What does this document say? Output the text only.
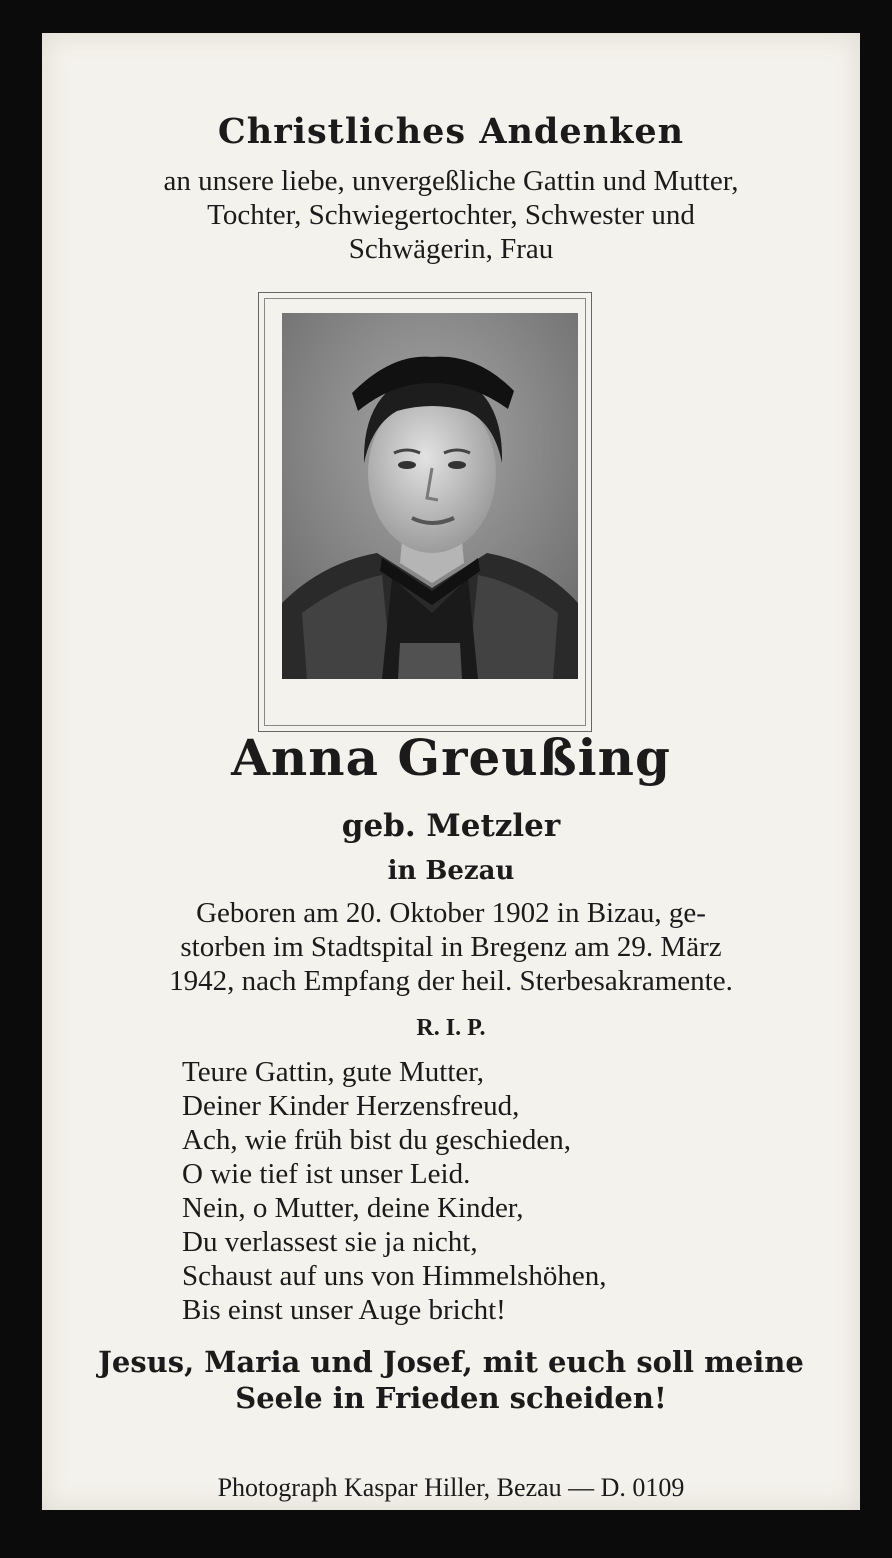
Christliches Andenken
an unsere liebe, unvergeßliche Gattin und Mutter,
Tochter, Schwiegertochter, Schwester und
Schwägerin, Frau
Anna Greußing
geb. Metzler
in Bezau
Geboren am 20. Oktober 1902 in Bizau, ge-
storben im Stadtspital in Bregenz am 29. März
1942, nach Empfang der heil. Sterbesakramente.
R. I. P.
Teure Gattin, gute Mutter,
Deiner Kinder Herzensfreud,
Ach, wie früh bist du geschieden,
O wie tief ist unser Leid.
Nein, o Mutter, deine Kinder,
Du verlassest sie ja nicht,
Schaust auf uns von Himmelshöhen,
Bis einst unser Auge bricht!
Jesus, Maria und Josef, mit euch soll meine
Seele in Frieden scheiden!
Photograph Kaspar Hiller, Bezau — D. 0109
